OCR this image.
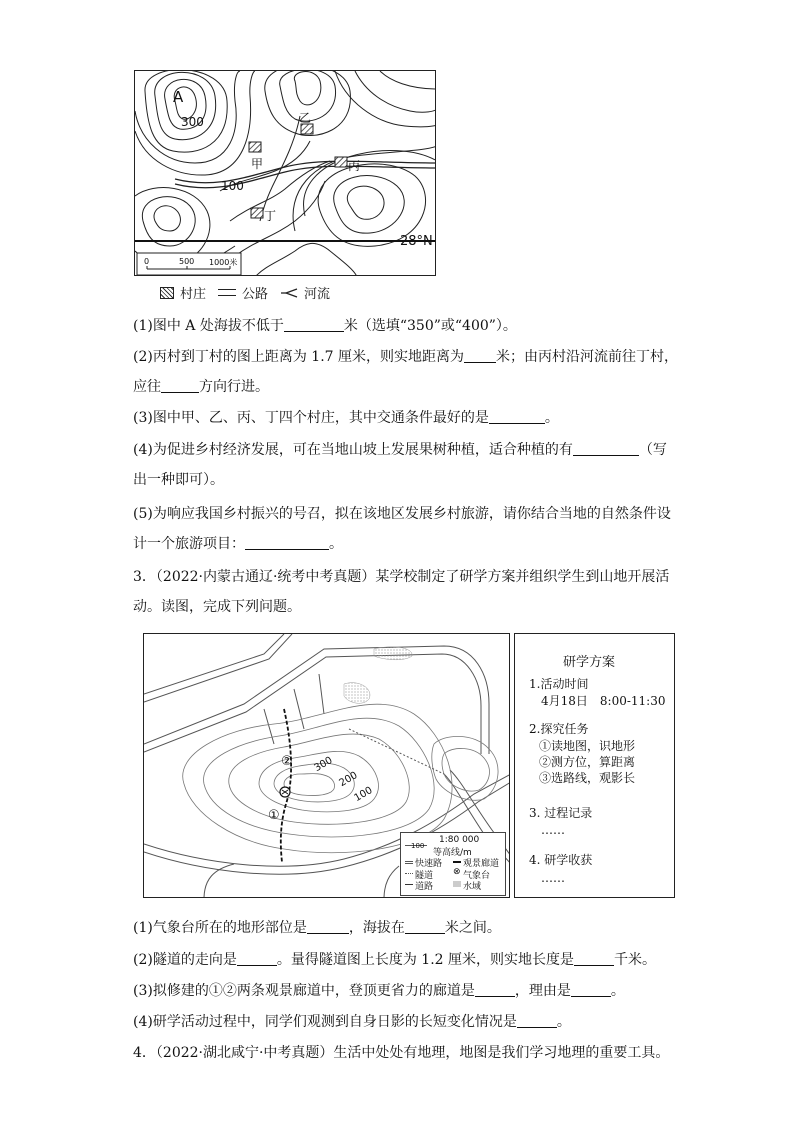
A
300
100
甲
乙
丙
丁
28°N
0	500 1000米
村庄	公路	河流
(1)图中 A 处海拔不低于	米（选填“350”或“400”）。
(2)丙村到丁村的图上距离为 1.7 厘米，则实地距离为 米；由丙村沿河流前往丁村，
应往	方向行进。
(3)图中甲、乙、丙、丁四个村庄，其中交通条件最好的是	。
(4)为促进乡村经济发展，可在当地山坡上发展果树种植，适合种植的有	（写
出一种即可）。
(5)为响应我国乡村振兴的号召，拟在该地区发展乡村旅游，请你结合当地的自然条件设
计一个旅游项目：	。
3．（2022·内蒙古通辽·统考中考真题）某学校制定了研学方案并组织学生到山地开展活
动。读图，完成下列问题。
300
200
100
②
①
1:80 000
100
等高线/m
快速路 观景廊道
隧道 ⊗ 气象台
道路	水域
研学方案
1.活动时间
4月18日　8:00-11:30
2.探究任务
①读地图，识地形
②测方位，算距离
③选路线，观影长
3. 过程记录
……
4. 研学收获
……
(1)气象台所在的地形部位是	，海拔在	米之间。
(2)隧道的走向是	。量得隧道图上长度为 1.2 厘米，则实地长度是	千米。
(3)拟修建的①②两条观景廊道中，登顶更省力的廊道是	，理由是	。
(4)研学活动过程中，同学们观测到自身日影的长短变化情况是	。
4．（2022·湖北咸宁·中考真题）生活中处处有地理，地图是我们学习地理的重要工具。
